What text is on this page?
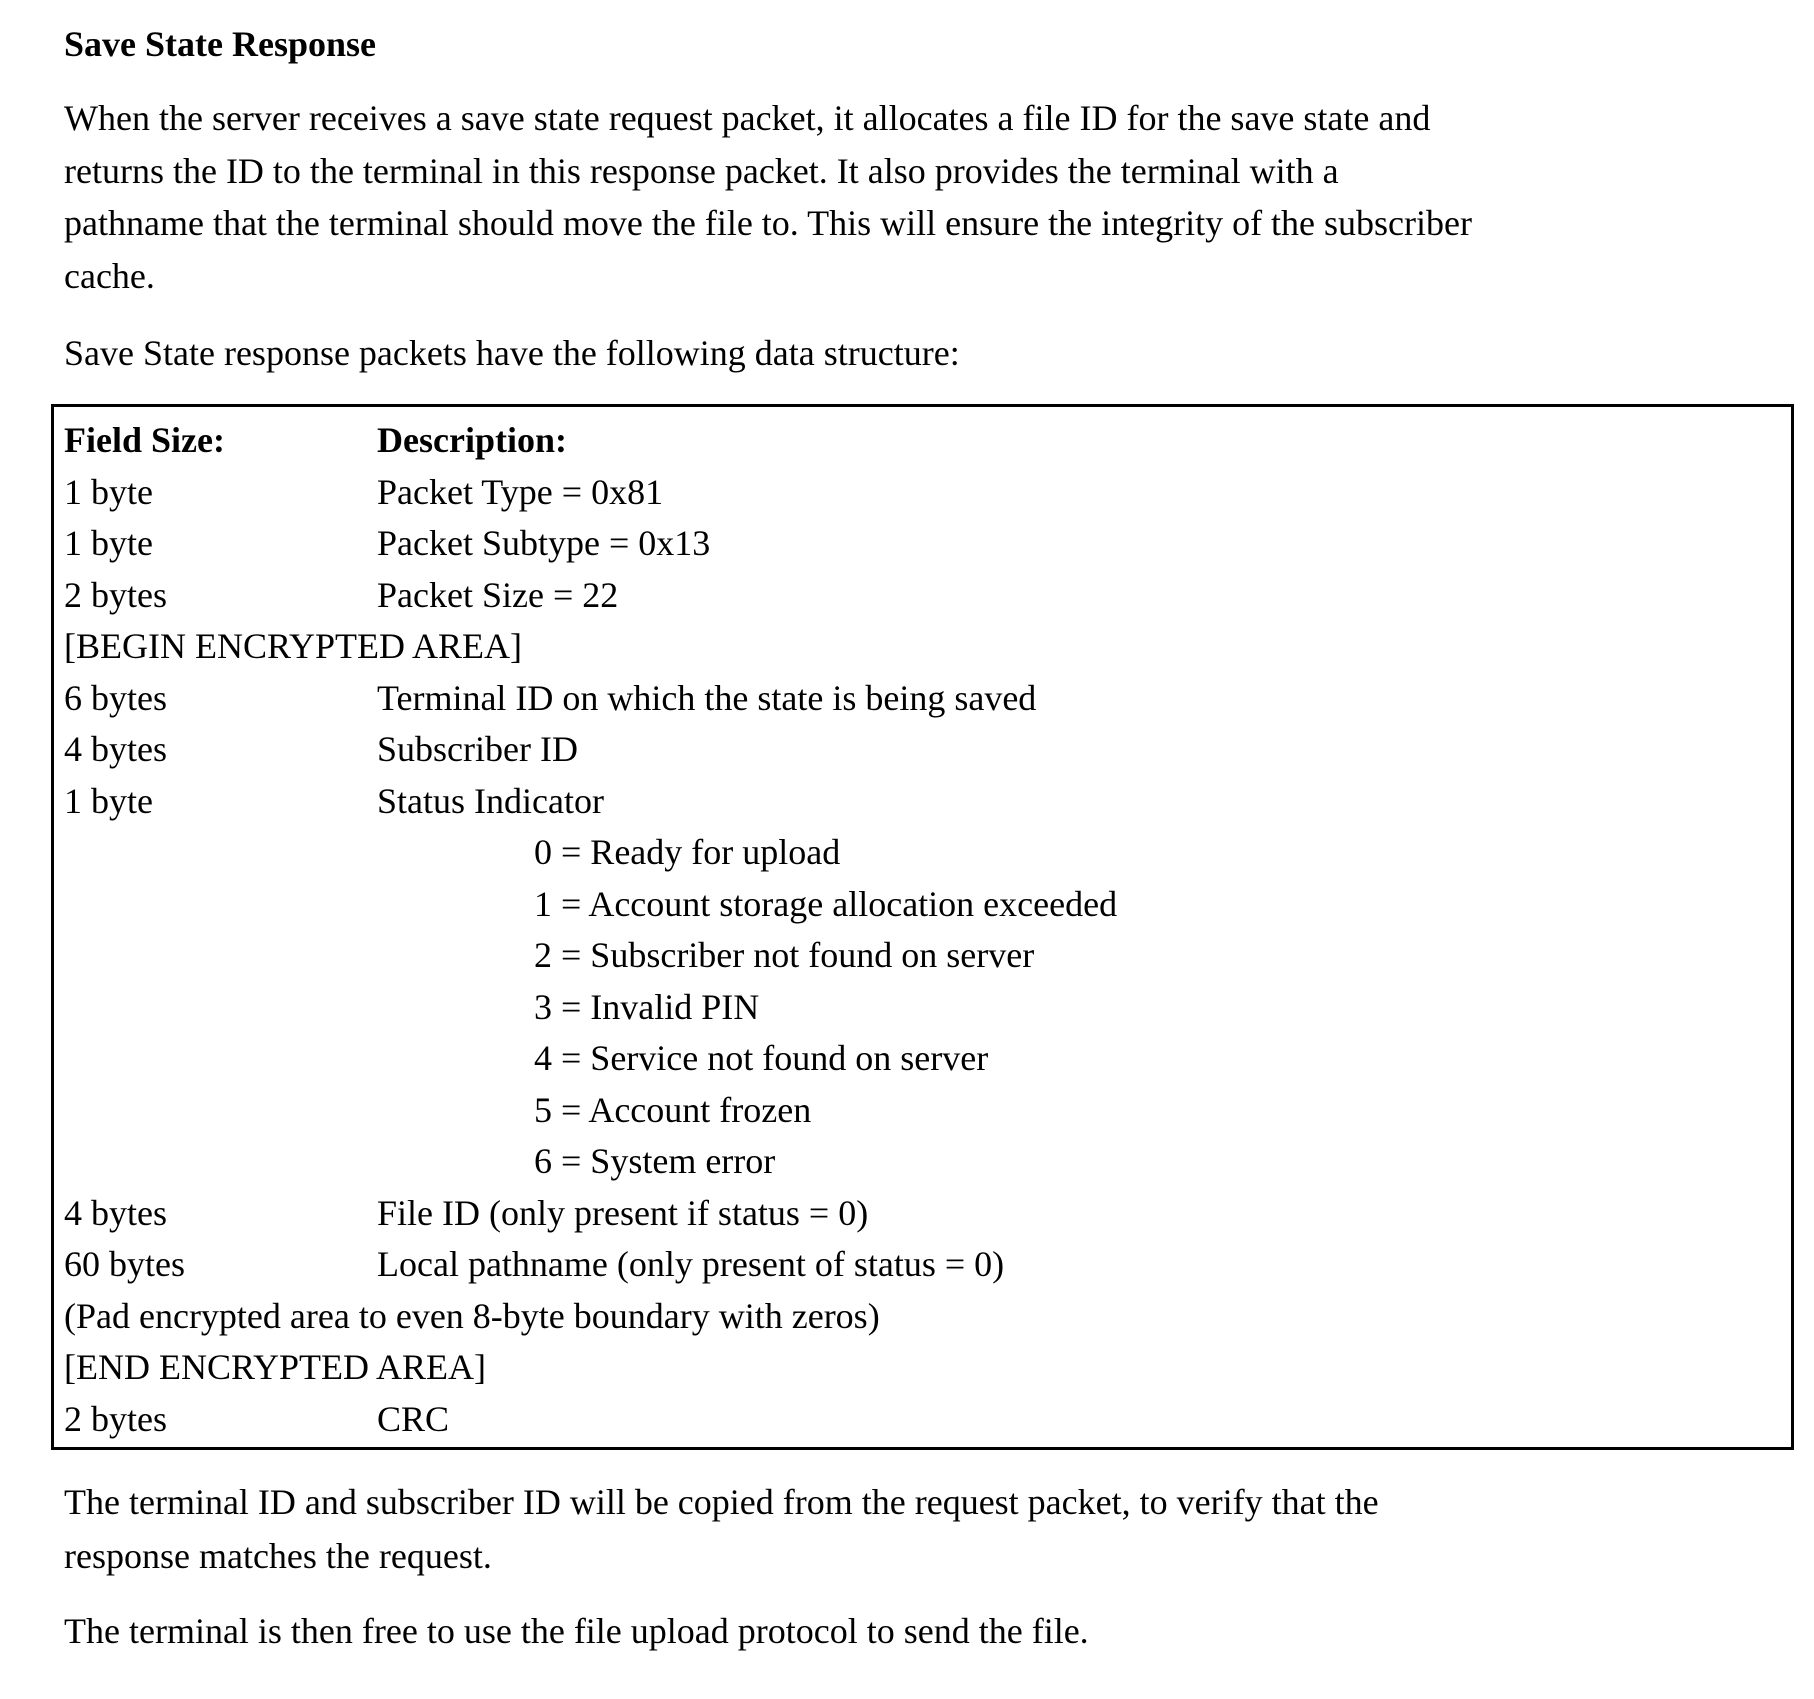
Save State Response
When the server receives a save state request packet, it allocates a file ID for the save state and
returns the ID to the terminal in this response packet. It also provides the terminal with a
pathname that the terminal should move the file to. This will ensure the integrity of the subscriber
cache.
Save State response packets have the following data structure:
Field Size:	Description:
1 byte	Packet Type = 0x81
1 byte	Packet Subtype = 0x13
2 bytes	Packet Size = 22
[BEGIN ENCRYPTED AREA]
6 bytes	Terminal ID on which the state is being saved
4 bytes	Subscriber ID
1 byte	Status Indicator
0 = Ready for upload
1 = Account storage allocation exceeded
2 = Subscriber not found on server
3 = Invalid PIN
4 = Service not found on server
5 = Account frozen
6 = System error
4 bytes	File ID (only present if status = 0)
60 bytes	Local pathname (only present of status = 0)
(Pad encrypted area to even 8-byte boundary with zeros)
[END ENCRYPTED AREA]
2 bytes	CRC
The terminal ID and subscriber ID will be copied from the request packet, to verify that the
response matches the request.
The terminal is then free to use the file upload protocol to send the file.
